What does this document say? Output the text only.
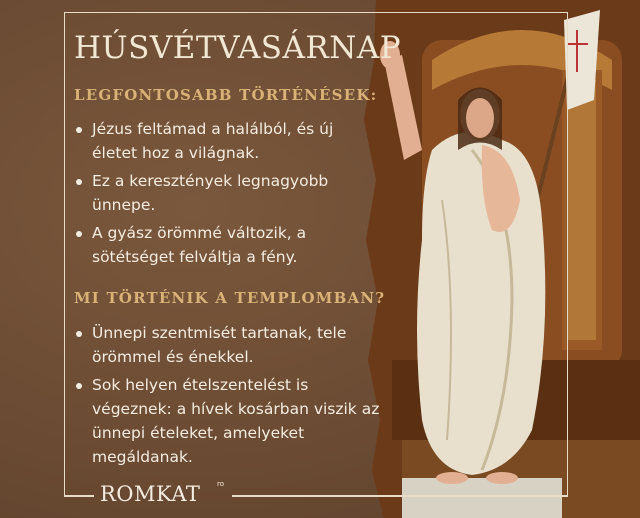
HÚSVÉTVASÁRNAP
LEGFONTOSABB TÖRTÉNÉSEK:
Jézus feltámad a halálból, és új életet hoz a világnak.
Ez a keresztények legnagyobb ünnepe.
A gyász örömmé változik, a sötétséget felváltja a fény.
MI TÖRTÉNIK A TEMPLOMBAN?
Ünnepi szentmisét tartanak, tele örömmel és énekkel.
Sok helyen ételszentelést is végeznek: a hívek kosárban viszik az ünnepi ételeket, amelyeket megáldanak.
ROMKAT ro
